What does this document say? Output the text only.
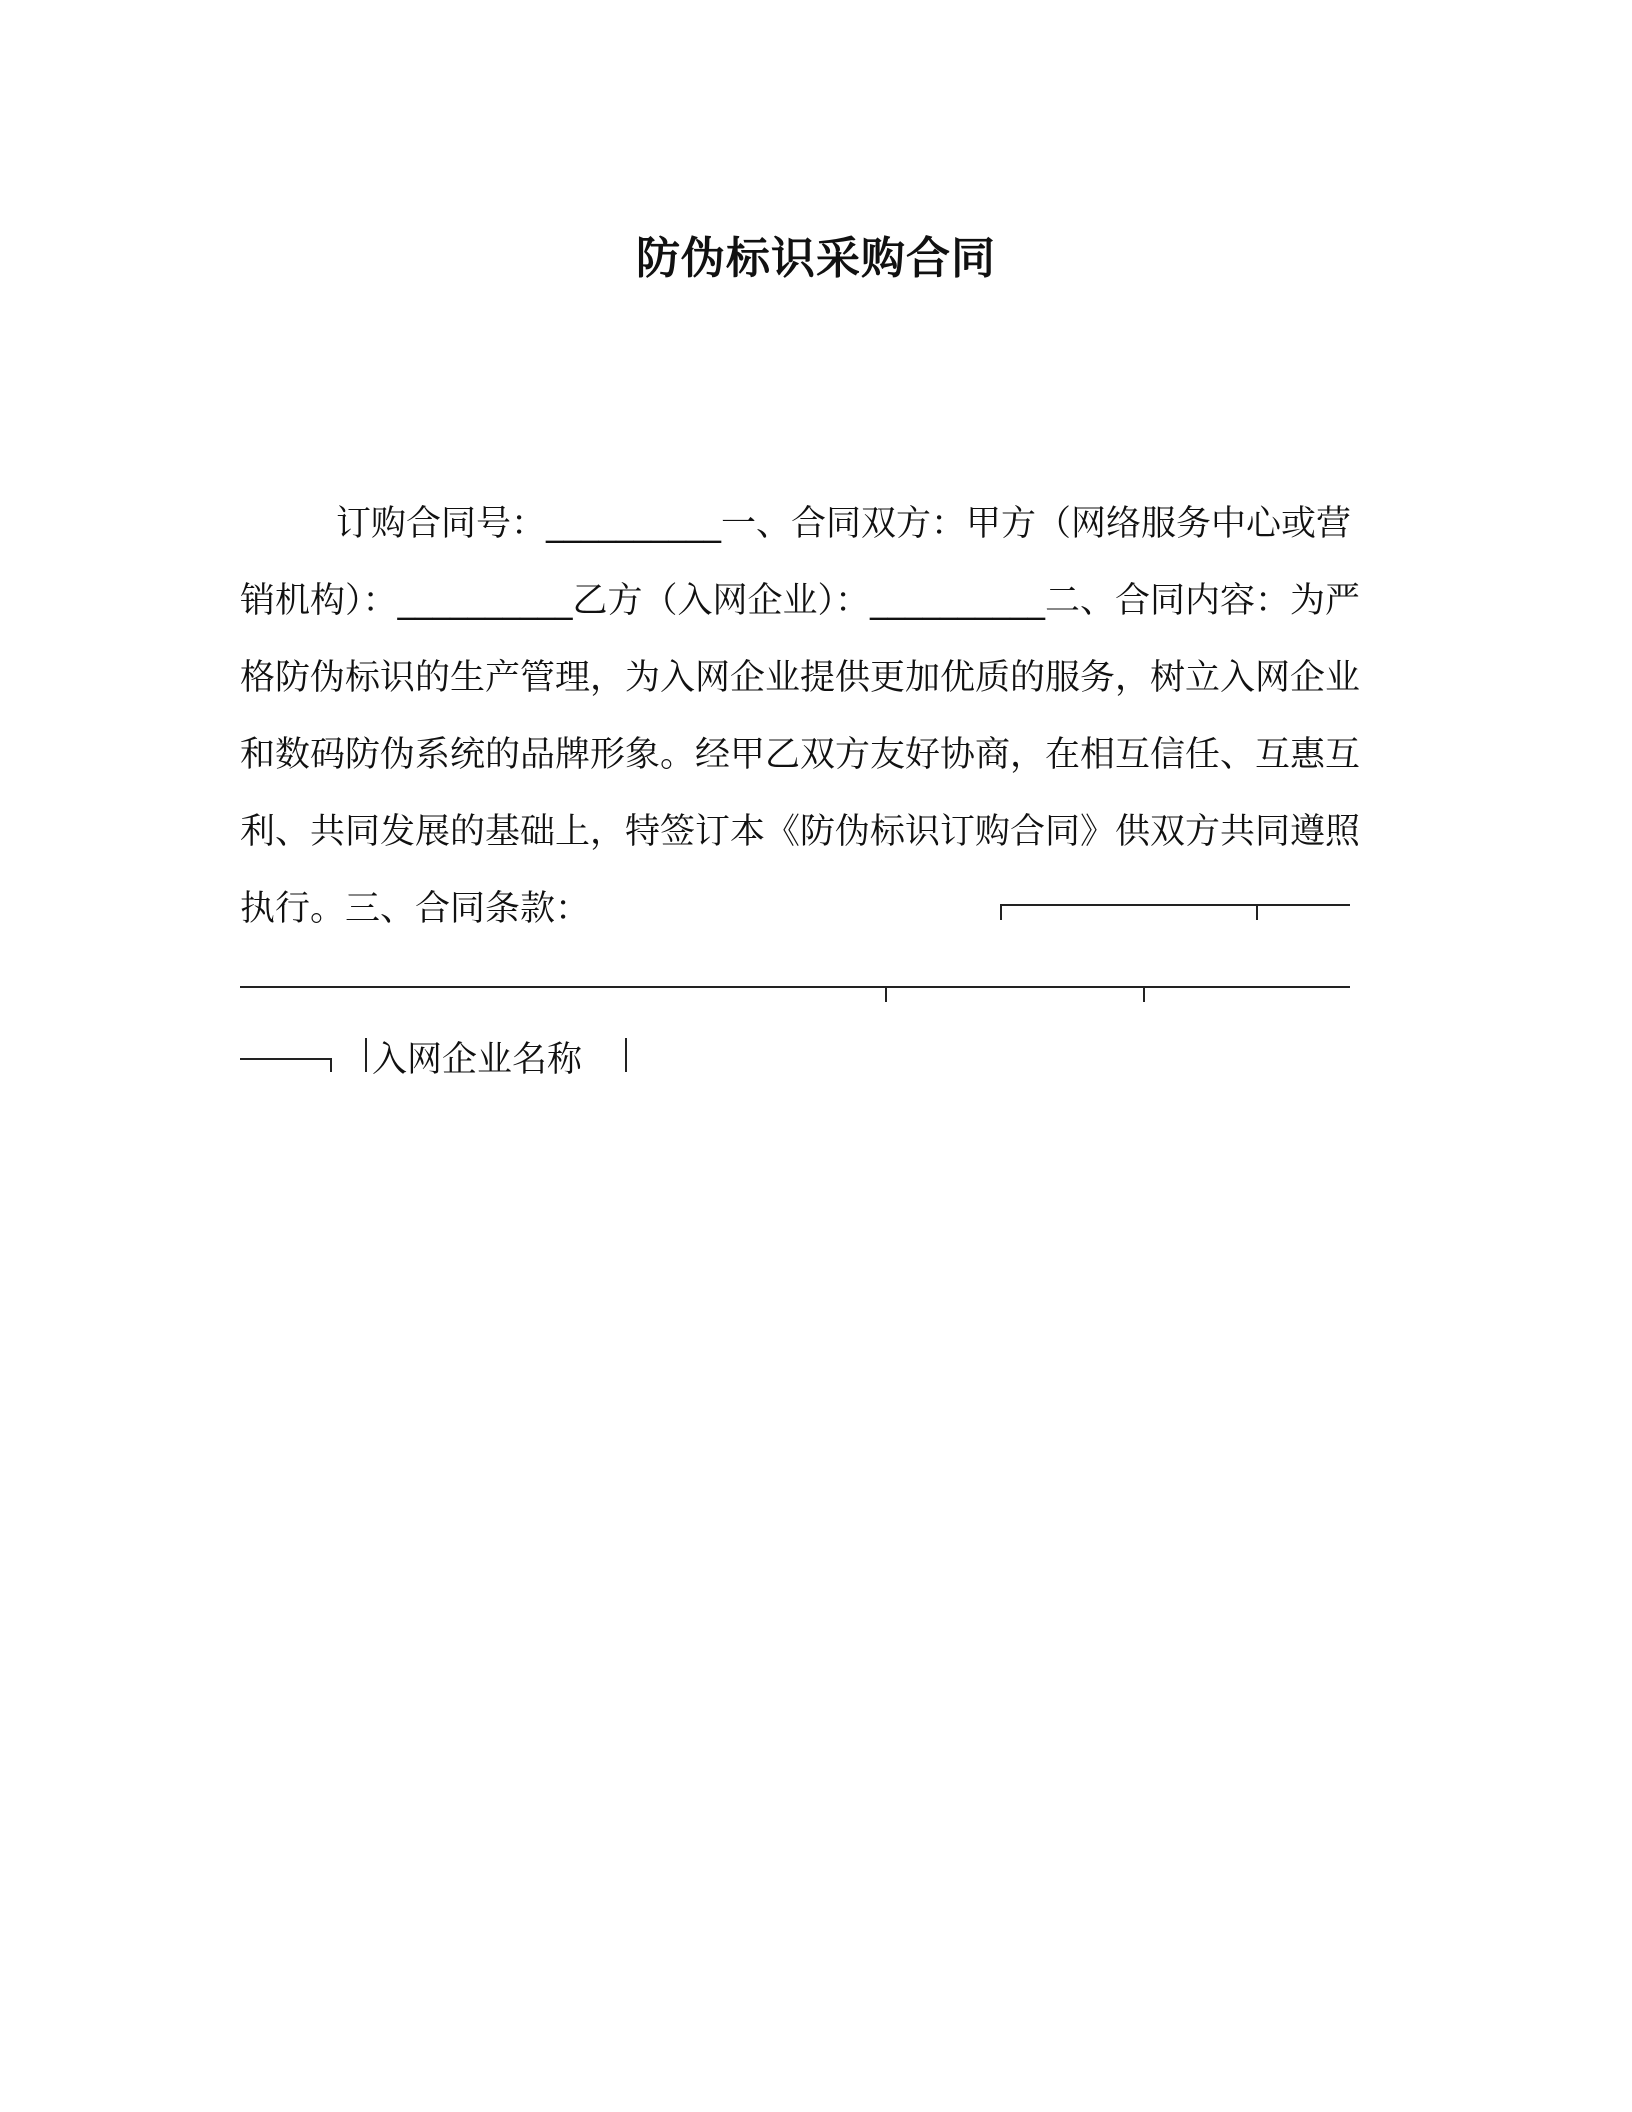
防伪标识采购合同

订购合同号：__________一、合同双方：甲方（网络服务中心或营销机构）：__________乙方（入网企业）：__________二、合同内容：为严格防伪标识的生产管理，为入网企业提供更加优质的服务，树立入网企业和数码防伪系统的品牌形象。经甲乙双方友好协商，在相互信任、互惠互利、共同发展的基础上，特签订本《防伪标识订购合同》供双方共同遵照执行。三、合同条款：

入网企业名称
